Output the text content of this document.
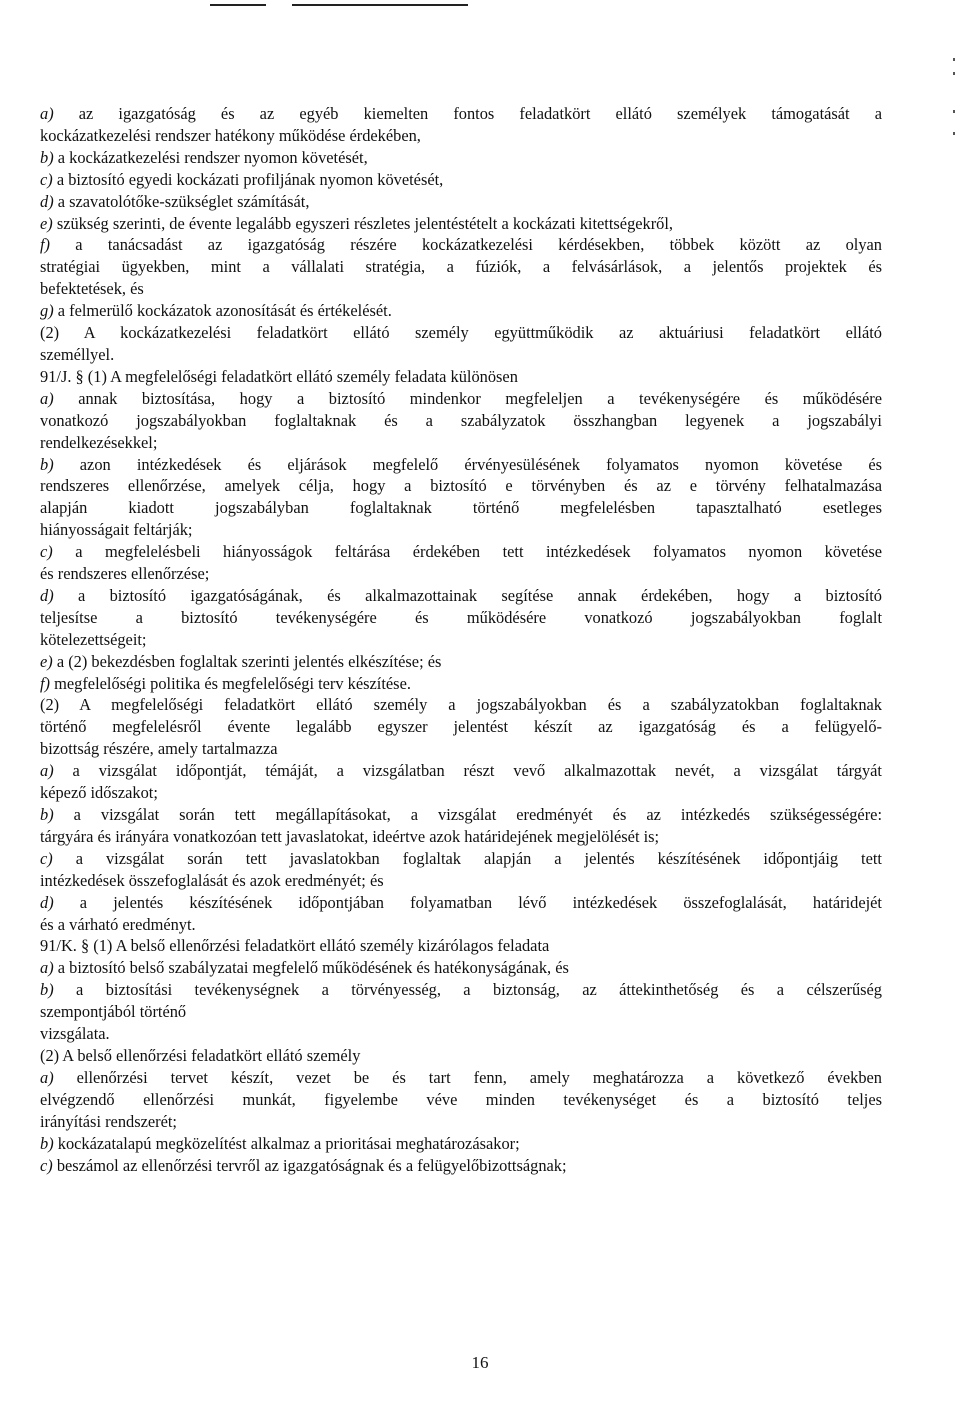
a) az igazgatóság és az egyéb kiemelten fontos feladatkört ellátó személyek támogatását a
kockázatkezelési rendszer hatékony működése érdekében,
b) a kockázatkezelési rendszer nyomon követését,
c) a biztosító egyedi kockázati profiljának nyomon követését,
d) a szavatolótőke-szükséglet számítását,
e) szükség szerinti, de évente legalább egyszeri részletes jelentéstételt a kockázati kitettségekről,
f) a tanácsadást az igazgatóság részére kockázatkezelési kérdésekben, többek között az olyan
stratégiai ügyekben, mint a vállalati stratégia, a fúziók, a felvásárlások, a jelentős projektek és
befektetések, és
g) a felmerülő kockázatok azonosítását és értékelését.
(2) A kockázatkezelési feladatkört ellátó személy együttműködik az aktuáriusi feladatkört ellátó
személlyel.
91/J. § (1) A megfelelőségi feladatkört ellátó személy feladata különösen
a) annak biztosítása, hogy a biztosító mindenkor megfeleljen a tevékenységére és működésére
vonatkozó jogszabályokban foglaltaknak és a szabályzatok összhangban legyenek a jogszabályi
rendelkezésekkel;
b) azon intézkedések és eljárások megfelelő érvényesülésének folyamatos nyomon követése és
rendszeres ellenőrzése, amelyek célja, hogy a biztosító e törvényben és az e törvény felhatalmazása
alapján kiadott jogszabályban foglaltaknak történő megfelelésben tapasztalható esetleges
hiányosságait feltárják;
c) a megfelelésbeli hiányosságok feltárása érdekében tett intézkedések folyamatos nyomon követése
és rendszeres ellenőrzése;
d) a biztosító igazgatóságának, és alkalmazottainak segítése annak érdekében, hogy a biztosító
teljesítse a biztosító tevékenységére és működésére vonatkozó jogszabályokban foglalt
kötelezettségeit;
e) a (2) bekezdésben foglaltak szerinti jelentés elkészítése; és
f) megfelelőségi politika és megfelelőségi terv készítése.
(2) A megfelelőségi feladatkört ellátó személy a jogszabályokban és a szabályzatokban foglaltaknak
történő megfelelésről évente legalább egyszer jelentést készít az igazgatóság és a felügyelő-
bizottság részére, amely tartalmazza
a) a vizsgálat időpontját, témáját, a vizsgálatban részt vevő alkalmazottak nevét, a vizsgálat tárgyát
képező időszakot;
b) a vizsgálat során tett megállapításokat, a vizsgálat eredményét és az intézkedés szükségességére:
tárgyára és irányára vonatkozóan tett javaslatokat, ideértve azok határidejének megjelölését is;
c) a vizsgálat során tett javaslatokban foglaltak alapján a jelentés készítésének időpontjáig tett
intézkedések összefoglalását és azok eredményét; és
d) a jelentés készítésének időpontjában folyamatban lévő intézkedések összefoglalását, határidejét
és a várható eredményt.
91/K. § (1) A belső ellenőrzési feladatkört ellátó személy kizárólagos feladata
a) a biztosító belső szabályzatai megfelelő működésének és hatékonyságának, és
b) a biztosítási tevékenységnek a törvényesség, a biztonság, az áttekinthetőség és a célszerűség
szempontjából történő
vizsgálata.
(2) A belső ellenőrzési feladatkört ellátó személy
a) ellenőrzési tervet készít, vezet be és tart fenn, amely meghatározza a következő években
elvégzendő ellenőrzési munkát, figyelembe véve minden tevékenységet és a biztosító teljes
irányítási rendszerét;
b) kockázatalapú megközelítést alkalmaz a prioritásai meghatározásakor;
c) beszámol az ellenőrzési tervről az igazgatóságnak és a felügyelőbizottságnak;
16
